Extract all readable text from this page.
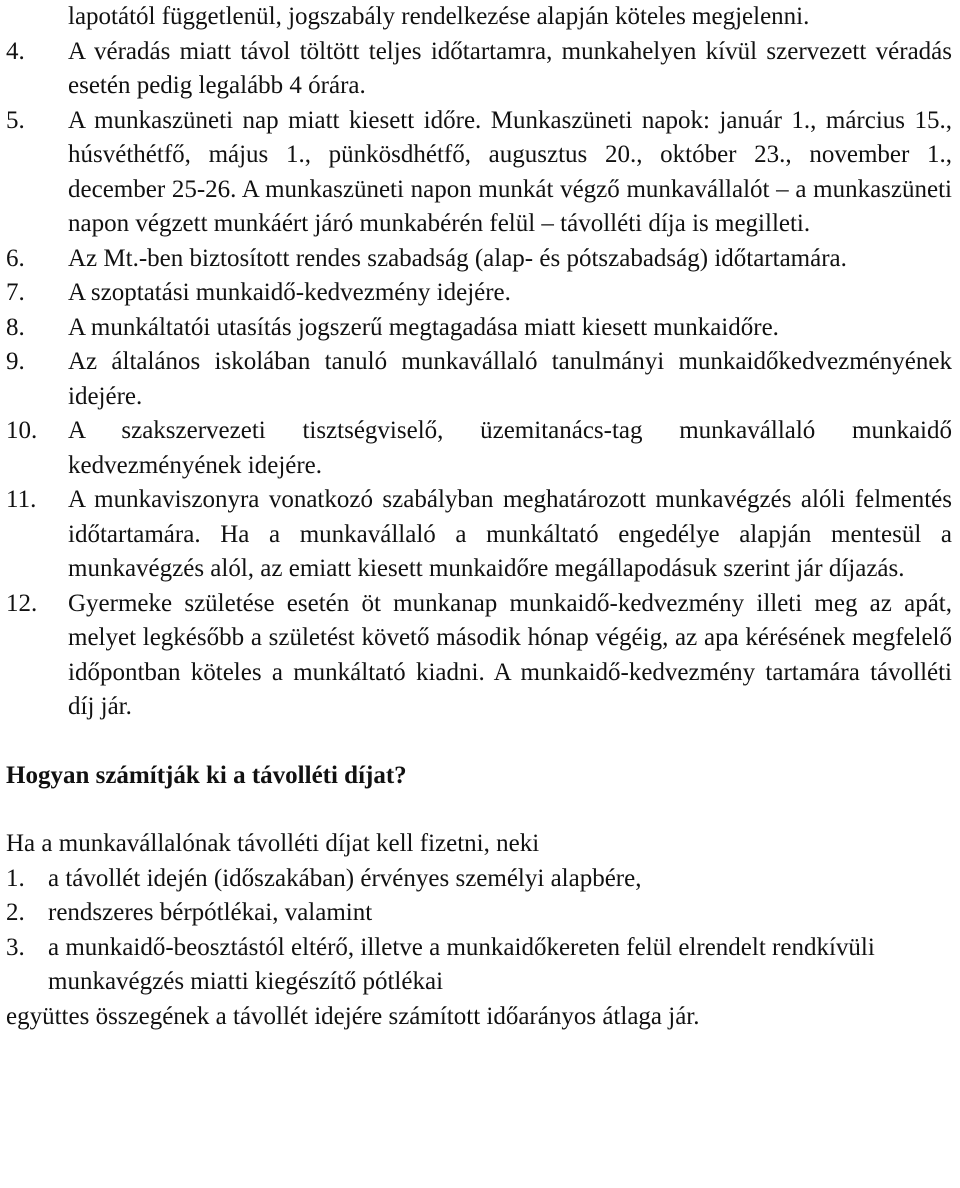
lapotától függetlenül, jogszabály rendelkezése alapján köteles megjelenni.
4.	A véradás miatt távol töltött teljes időtartamra, munkahelyen kívül szervezett véradás esetén pedig legalább 4 órára.
5.	A munkaszüneti nap miatt kiesett időre. Munkaszüneti napok: január 1., március 15., húsvéthétfő, május 1., pünkösdhétfő, augusztus 20., október 23., november 1., december 25-26. A munkaszüneti napon munkát végző munkavállalót – a munkaszüneti napon végzett munkáért járó munkabérén felül – távolléti díja is megilleti.
6.	Az Mt.-ben biztosított rendes szabadság (alap- és pótszabadság) időtartamára.
7.	A szoptatási munkaidő-kedvezmény idejére.
8.	A munkáltatói utasítás jogszerű megtagadása miatt kiesett munkaidőre.
9.	Az általános iskolában tanuló munkavállaló tanulmányi munkaidőkedvezményének idejére.
10.	A szakszervezeti tisztségviselő, üzemitanács-tag munkavállaló munkaidő kedvezményének idejére.
11.	A munkaviszonyra vonatkozó szabályban meghatározott munkavégzés alóli felmentés időtartamára. Ha a munkavállaló a munkáltató engedélye alapján mentesül a munkavégzés alól, az emiatt kiesett munkaidőre megállapodásuk szerint jár díjazás.
12.	Gyermeke születése esetén öt munkanap munkaidő-kedvezmény illeti meg az apát, melyet legkésőbb a születést követő második hónap végéig, az apa kérésének megfelelő időpontban köteles a munkáltató kiadni. A munkaidő-kedvezmény tartamára távolléti díj jár.
Hogyan számítják ki a távolléti díjat?
Ha a munkavállalónak távolléti díjat kell fizetni, neki
1. a távollét idején (időszakában) érvényes személyi alapbére,
2. rendszeres bérpótlékai, valamint
3. a munkaidő-beosztástól eltérő, illetve a munkaidőkereten felül elrendelt rendkívüli munkavégzés miatti kiegészítő pótlékai
együttes összegének a távollét idejére számított időarányos átlaga jár.
